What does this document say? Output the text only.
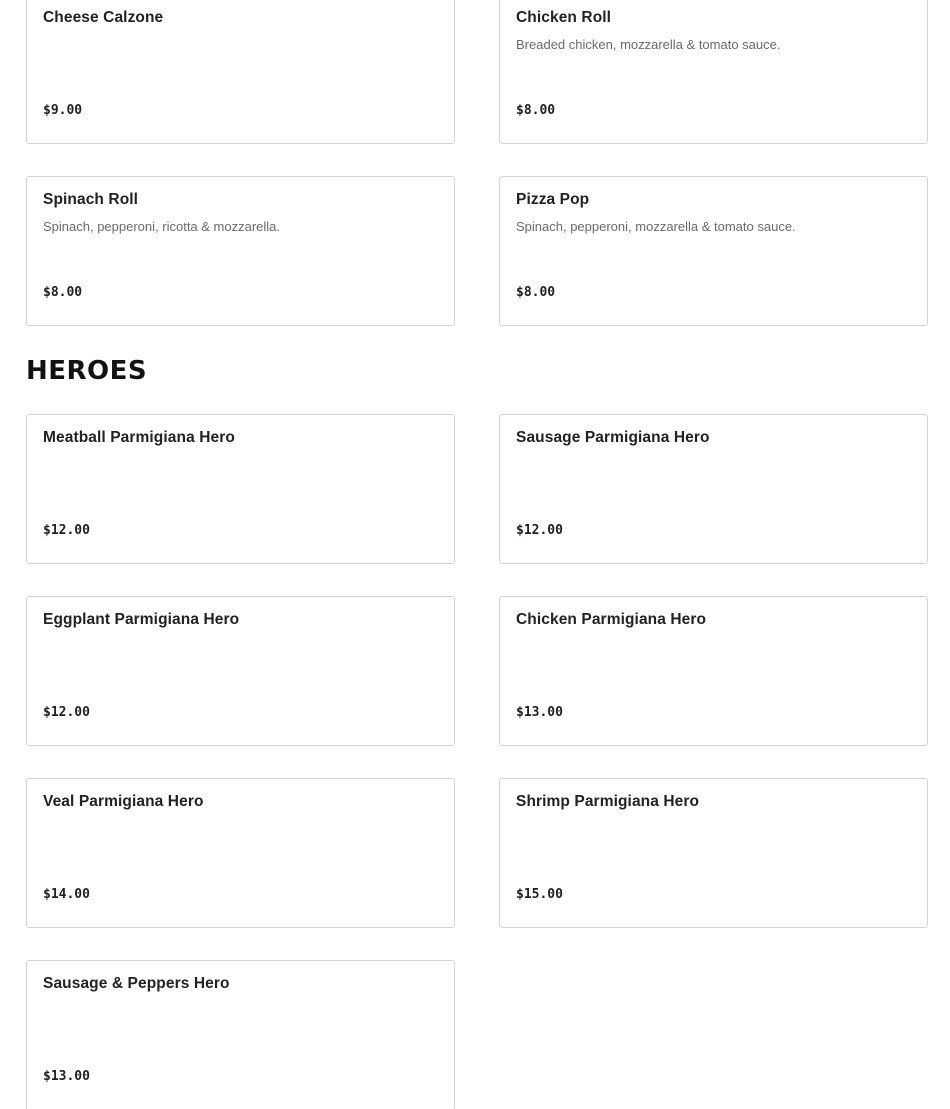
Cheese Calzone
$9.00
Chicken Roll
Breaded chicken, mozzarella & tomato sauce.
$8.00
Spinach Roll
Spinach, pepperoni, ricotta & mozzarella.
$8.00
Pizza Pop
Spinach, pepperoni, mozzarella & tomato sauce.
$8.00
HEROES
Meatball Parmigiana Hero
$12.00
Sausage Parmigiana Hero
$12.00
Eggplant Parmigiana Hero
$12.00
Chicken Parmigiana Hero
$13.00
Veal Parmigiana Hero
$14.00
Shrimp Parmigiana Hero
$15.00
Sausage & Peppers Hero
$13.00
